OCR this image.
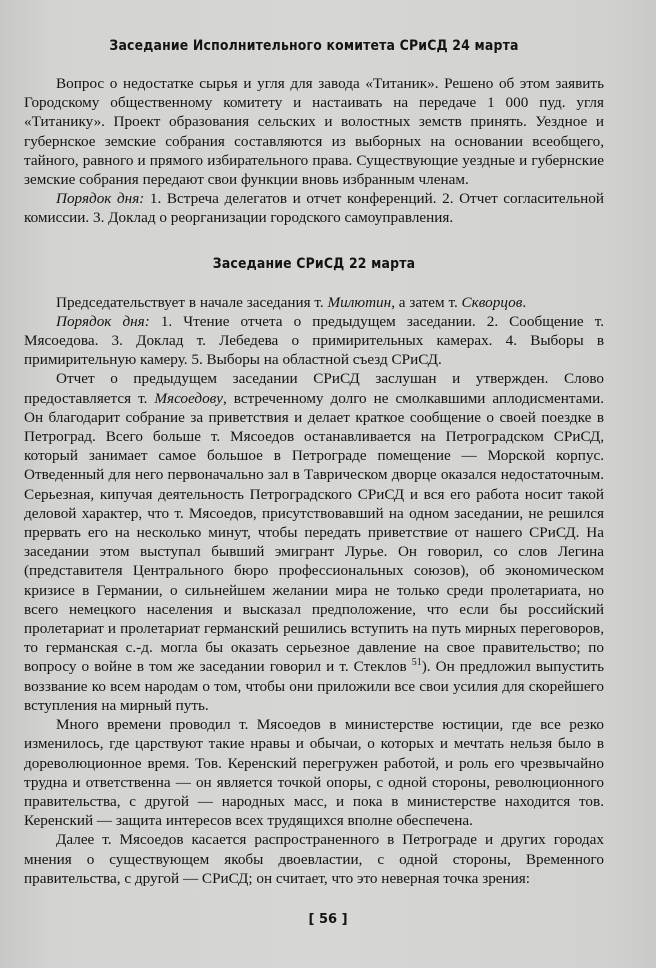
Заседание Исполнительного комитета СРиСД 24 марта

Вопрос о недостатке сырья и угля для завода «Титаник». Решено об этом заявить Городскому общественному комитету и настаивать на передаче 1 000 пуд. угля «Титанику». Проект образования сельских и волостных земств принять. Уездное и губернское земские собрания составляются из выборных на основании всеобщего, тайного, равного и прямого избирательного права. Существующие уездные и губернские земские собрания передают свои функции вновь избранным членам.

Порядок дня: 1. Встреча делегатов и отчет конференций. 2. Отчет согласительной комиссии. 3. Доклад о реорганизации городского самоуправления.

Заседание СРиСД 22 марта

Председательствует в начале заседания т. Милютин, а затем т. Скворцов.

Порядок дня: 1. Чтение отчета о предыдущем заседании. 2. Сообщение т. Мясоедова. 3. Доклад т. Лебедева о примирительных камерах. 4. Выборы в примирительную камеру. 5. Выборы на областной съезд СРиСД.

Отчет о предыдущем заседании СРиСД заслушан и утвержден. Слово предоставляется т. Мясоедову, встреченному долго не смолкавшими аплодисментами. Он благодарит собрание за приветствия и делает краткое сообщение о своей поездке в Петроград. Всего больше т. Мясоедов останавливается на Петроградском СРиСД, который занимает самое большое в Петрограде помещение — Морской корпус. Отведенный для него первоначально зал в Таврическом дворце оказался недостаточным. Серьезная, кипучая деятельность Петроградского СРиСД и вся его работа носит такой деловой характер, что т. Мясоедов, присутствовавший на одном заседании, не решился прервать его на несколько минут, чтобы передать приветствие от нашего СРиСД. На заседании этом выступал бывший эмигрант Лурье. Он говорил, со слов Легина (представителя Центрального бюро профессиональных союзов), об экономическом кризисе в Германии, о сильнейшем желании мира не только среди пролетариата, но всего немецкого населения и высказал предположение, что если бы российский пролетариат и пролетариат германский решились вступить на путь мирных переговоров, то германская с.-д. могла бы оказать серьезное давление на свое правительство; по вопросу о войне в том же заседании говорил и т. Стеклов $^{51}$). Он предложил выпустить воззвание ко всем народам о том, чтобы они приложили все свои усилия для скорейшего вступления на мирный путь.

Много времени проводил т. Мясоедов в министерстве юстиции, где все резко изменилось, где царствуют такие нравы и обычаи, о которых и мечтать нельзя было в дореволюционное время. Тов. Керенский перегружен работой, и роль его чрезвычайно трудна и ответственна — он является точкой опоры, с одной стороны, революционного правительства, с другой — народных масс, и пока в министерстве находится тов. Керенский — защита интересов всех трудящихся вполне обеспечена.

Далее т. Мясоедов касается распространенного в Петрограде и других городах мнения о существующем якобы двоевластии, с одной стороны, Временного правительства, с другой — СРиСД; он считает, что это неверная точка зрения:

[ 56 ]
